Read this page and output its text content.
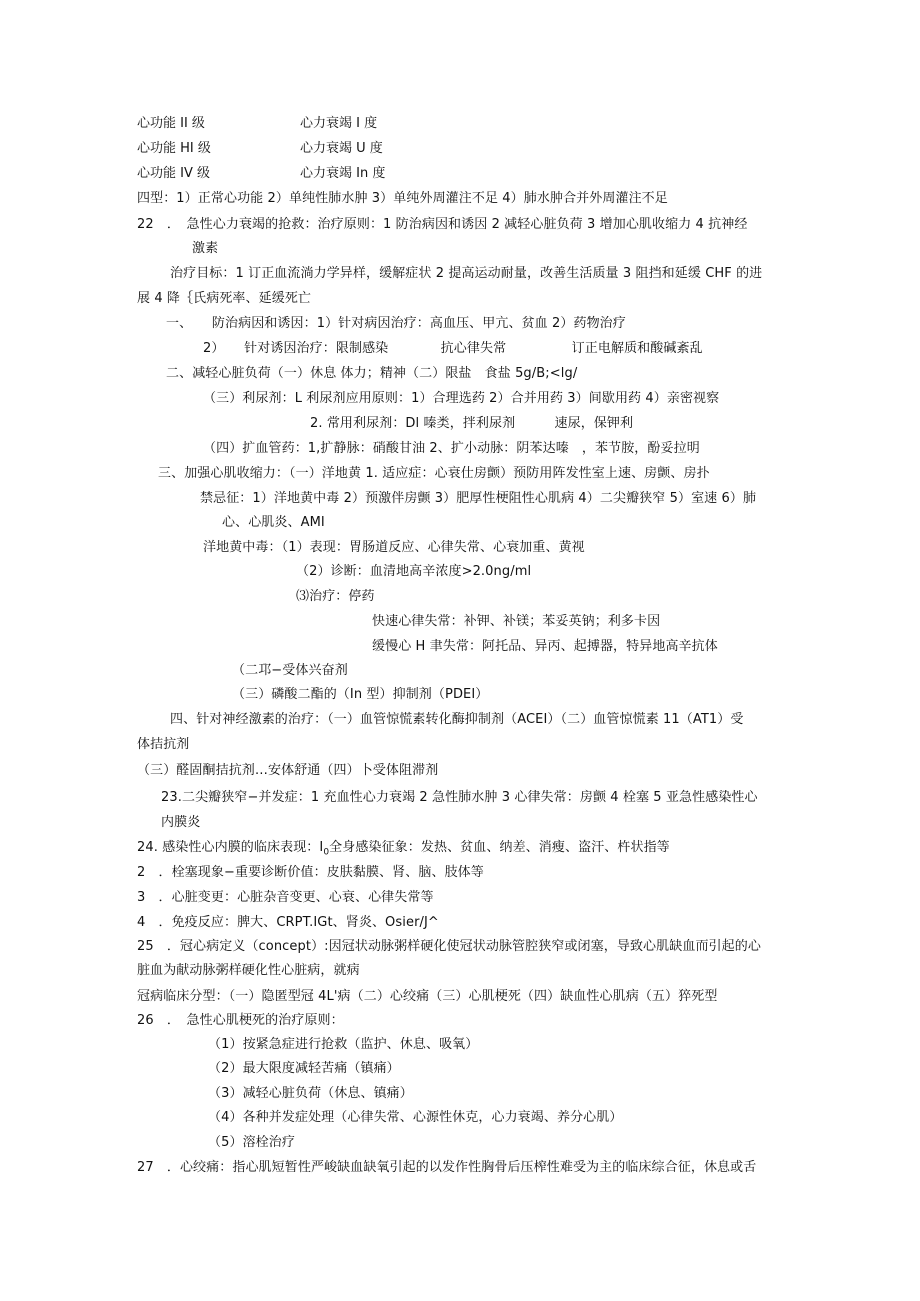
心功能 II 级	心力衰竭 I 度
心功能 HI 级	心力衰竭 U 度
心功能 IV 级	心力衰竭 In 度
四型：1）正常心功能 2）单纯性肺水肿 3）单纯外周灌注不足 4）肺水肿合并外周灌注不足
22　．　急性心力衰竭的抢救：治疗原则：1 防治病因和诱因 2 减轻心脏负荷 3 增加心肌收缩力 4 抗神经
激素
治疗目标：1 订正血流淌力学异样，缓解症状 2 提高运动耐量，改善生活质量 3 阻挡和延缓 CHF 的进
展 4 降｛氏病死率、延缓死亡
一、　　防治病因和诱因：1）针对病因治疗：高血压、甲亢、贫血 2）药物治疗
2）　　针对诱因治疗：限制感染　　　　抗心律失常　　　　　订正电解质和酸碱紊乱
二、减轻心脏负荷（一）休息 体力；精神（二）限盐　食盐 5g/B;<lg/
（三）利尿剂：L 利尿剂应用原则：1）合理选药 2）合并用药 3）间歇用药 4）亲密视察
2. 常用利尿剂：Dl 嗪类，拌利尿剂　　　速尿，保钾利
（四）扩血管药：1,扩静脉：硝酸甘油 2、扩小动脉：阴苯达嗪　，苯节胺，酚妥拉明
三、加强心肌收缩力：（一）洋地黄 1. 适应症：心衰仕房颤）预防用阵发性室上速、房颤、房扑
禁忌征：1）洋地黄中毒 2）预激伴房颤 3）肥厚性梗阻性心肌病 4）二尖瓣狭窄 5）室速 6）肺
心、心肌炎、AMI
洋地黄中毒：（1）表现：胃肠道反应、心律失常、心衰加重、黄视
（2）诊断：血清地高辛浓度>2.0ng/ml
⑶治疗：停药
快速心律失常：补钾、补镁；苯妥英钠；利多卡因
缓慢心 H 聿失常：阿托品、异丙、起搏器，特异地高辛抗体
（二邛−受体兴奋剂
（三）磷酸二酯的（In 型）抑制剂（PDEI）
四、针对神经激素的治疗：（一）血管惊慌素转化酶抑制剂（ACEI）（二）血管惊慌素 11（AT1）受
体拮抗剂
（三）醛固酮拮抗剂…安体舒通（四）卜受体阻滞剂
23.二尖瓣狭窄−并发症：1 充血性心力衰竭 2 急性肺水肿 3 心律失常：房颤 4 栓塞 5 亚急性感染性心
内膜炎
24. 感染性心内膜的临床表现：$I_0$全身感染征象：发热、贫血、纳差、消瘦、盗汗、杵状指等
2　．栓塞现象−重要诊断价值：皮肤黏膜、肾、脑、肢体等
3　．心脏变更：心脏杂音变更、心衰、心律失常等
4　．免疫反应：脾大、CRPT.IGt、肾炎、Osier/J^
25　．冠心病定义（concept）:因冠状动脉粥样硬化使冠状动脉管腔狭窄或闭塞，导致心肌缺血而引起的心
脏血为献动脉粥样硬化性心脏病，就病
冠病临床分型：（一）隐匿型冠 4L'病（二）心绞痛（三）心肌梗死（四）缺血性心肌病（五）猝死型
26　．　急性心肌梗死的治疗原则：
（1）按紧急症进行抢救（监护、休息、吸氧）
（2）最大限度减轻苦痛（镇痛）
（3）减轻心脏负荷（休息、镇痛）
（4）各种并发症处理（心律失常、心源性休克，心力衰竭、养分心肌）
（5）溶栓治疗
27　．心绞痛：指心肌短暂性严峻缺血缺氧引起的以发作性胸骨后压榨性难受为主的临床综合征，休息或舌
